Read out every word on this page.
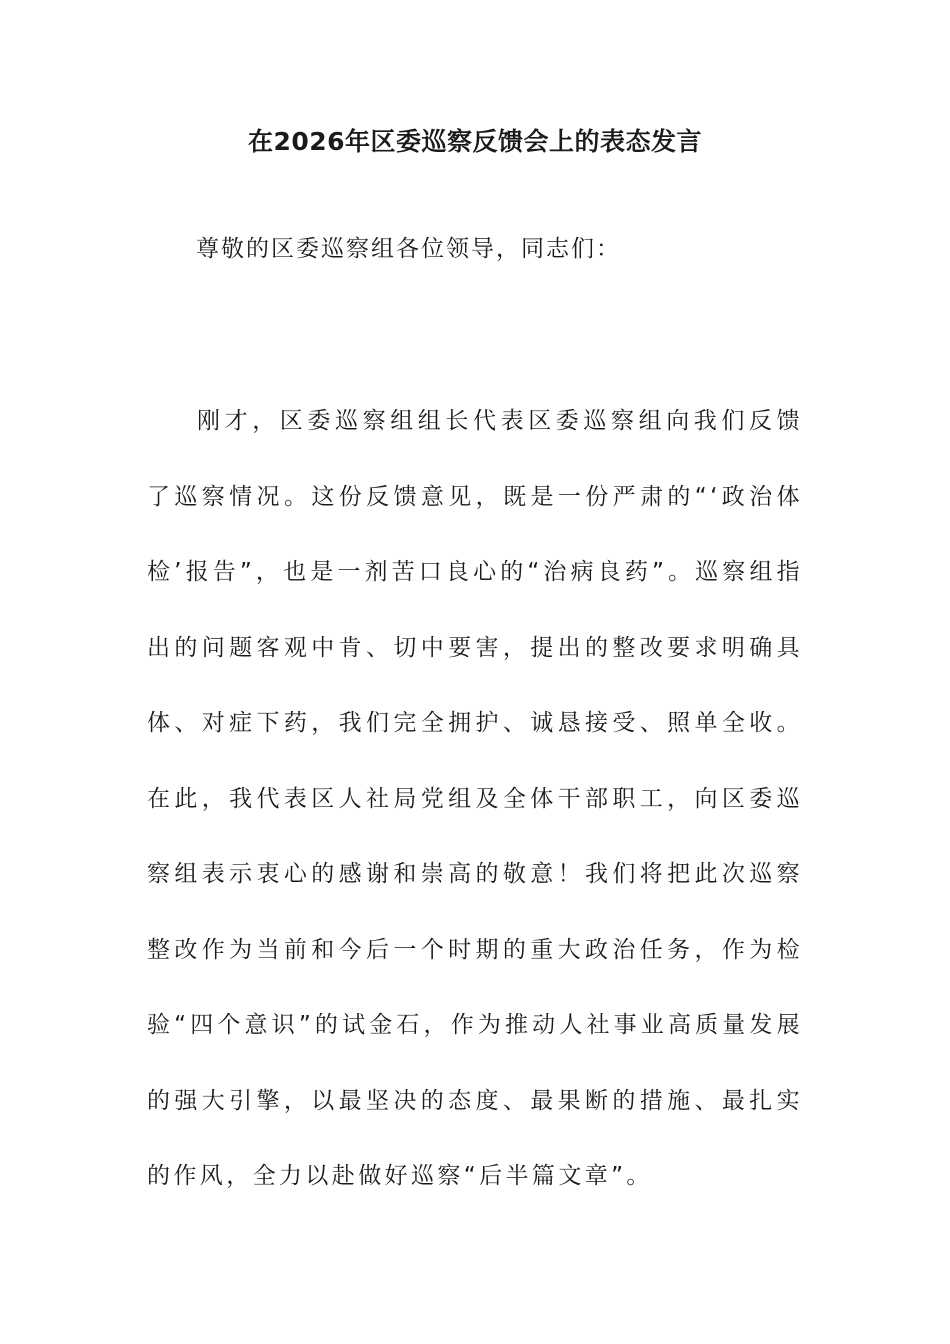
在2026年区委巡察反馈会上的表态发言
尊敬的区委巡察组各位领导，同志们：

刚才，区委巡察组组长代表区委巡察组向我们反馈了巡察情况。这份反馈意见，既是一份严肃的“‘政治体检’报告”，也是一剂苦口良心的“治病良药”。巡察组指出的问题客观中肯、切中要害，提出的整改要求明确具体、对症下药，我们完全拥护、诚恳接受、照单全收。在此，我代表区人社局党组及全体干部职工，向区委巡察组表示衷心的感谢和崇高的敬意！我们将把此次巡察整改作为当前和今后一个时期的重大政治任务，作为检验“四个意识”的试金石，作为推动人社事业高质量发展的强大引擎，以最坚决的态度、最果断的措施、最扎实的作风，全力以赴做好巡察“后半篇文章”。
